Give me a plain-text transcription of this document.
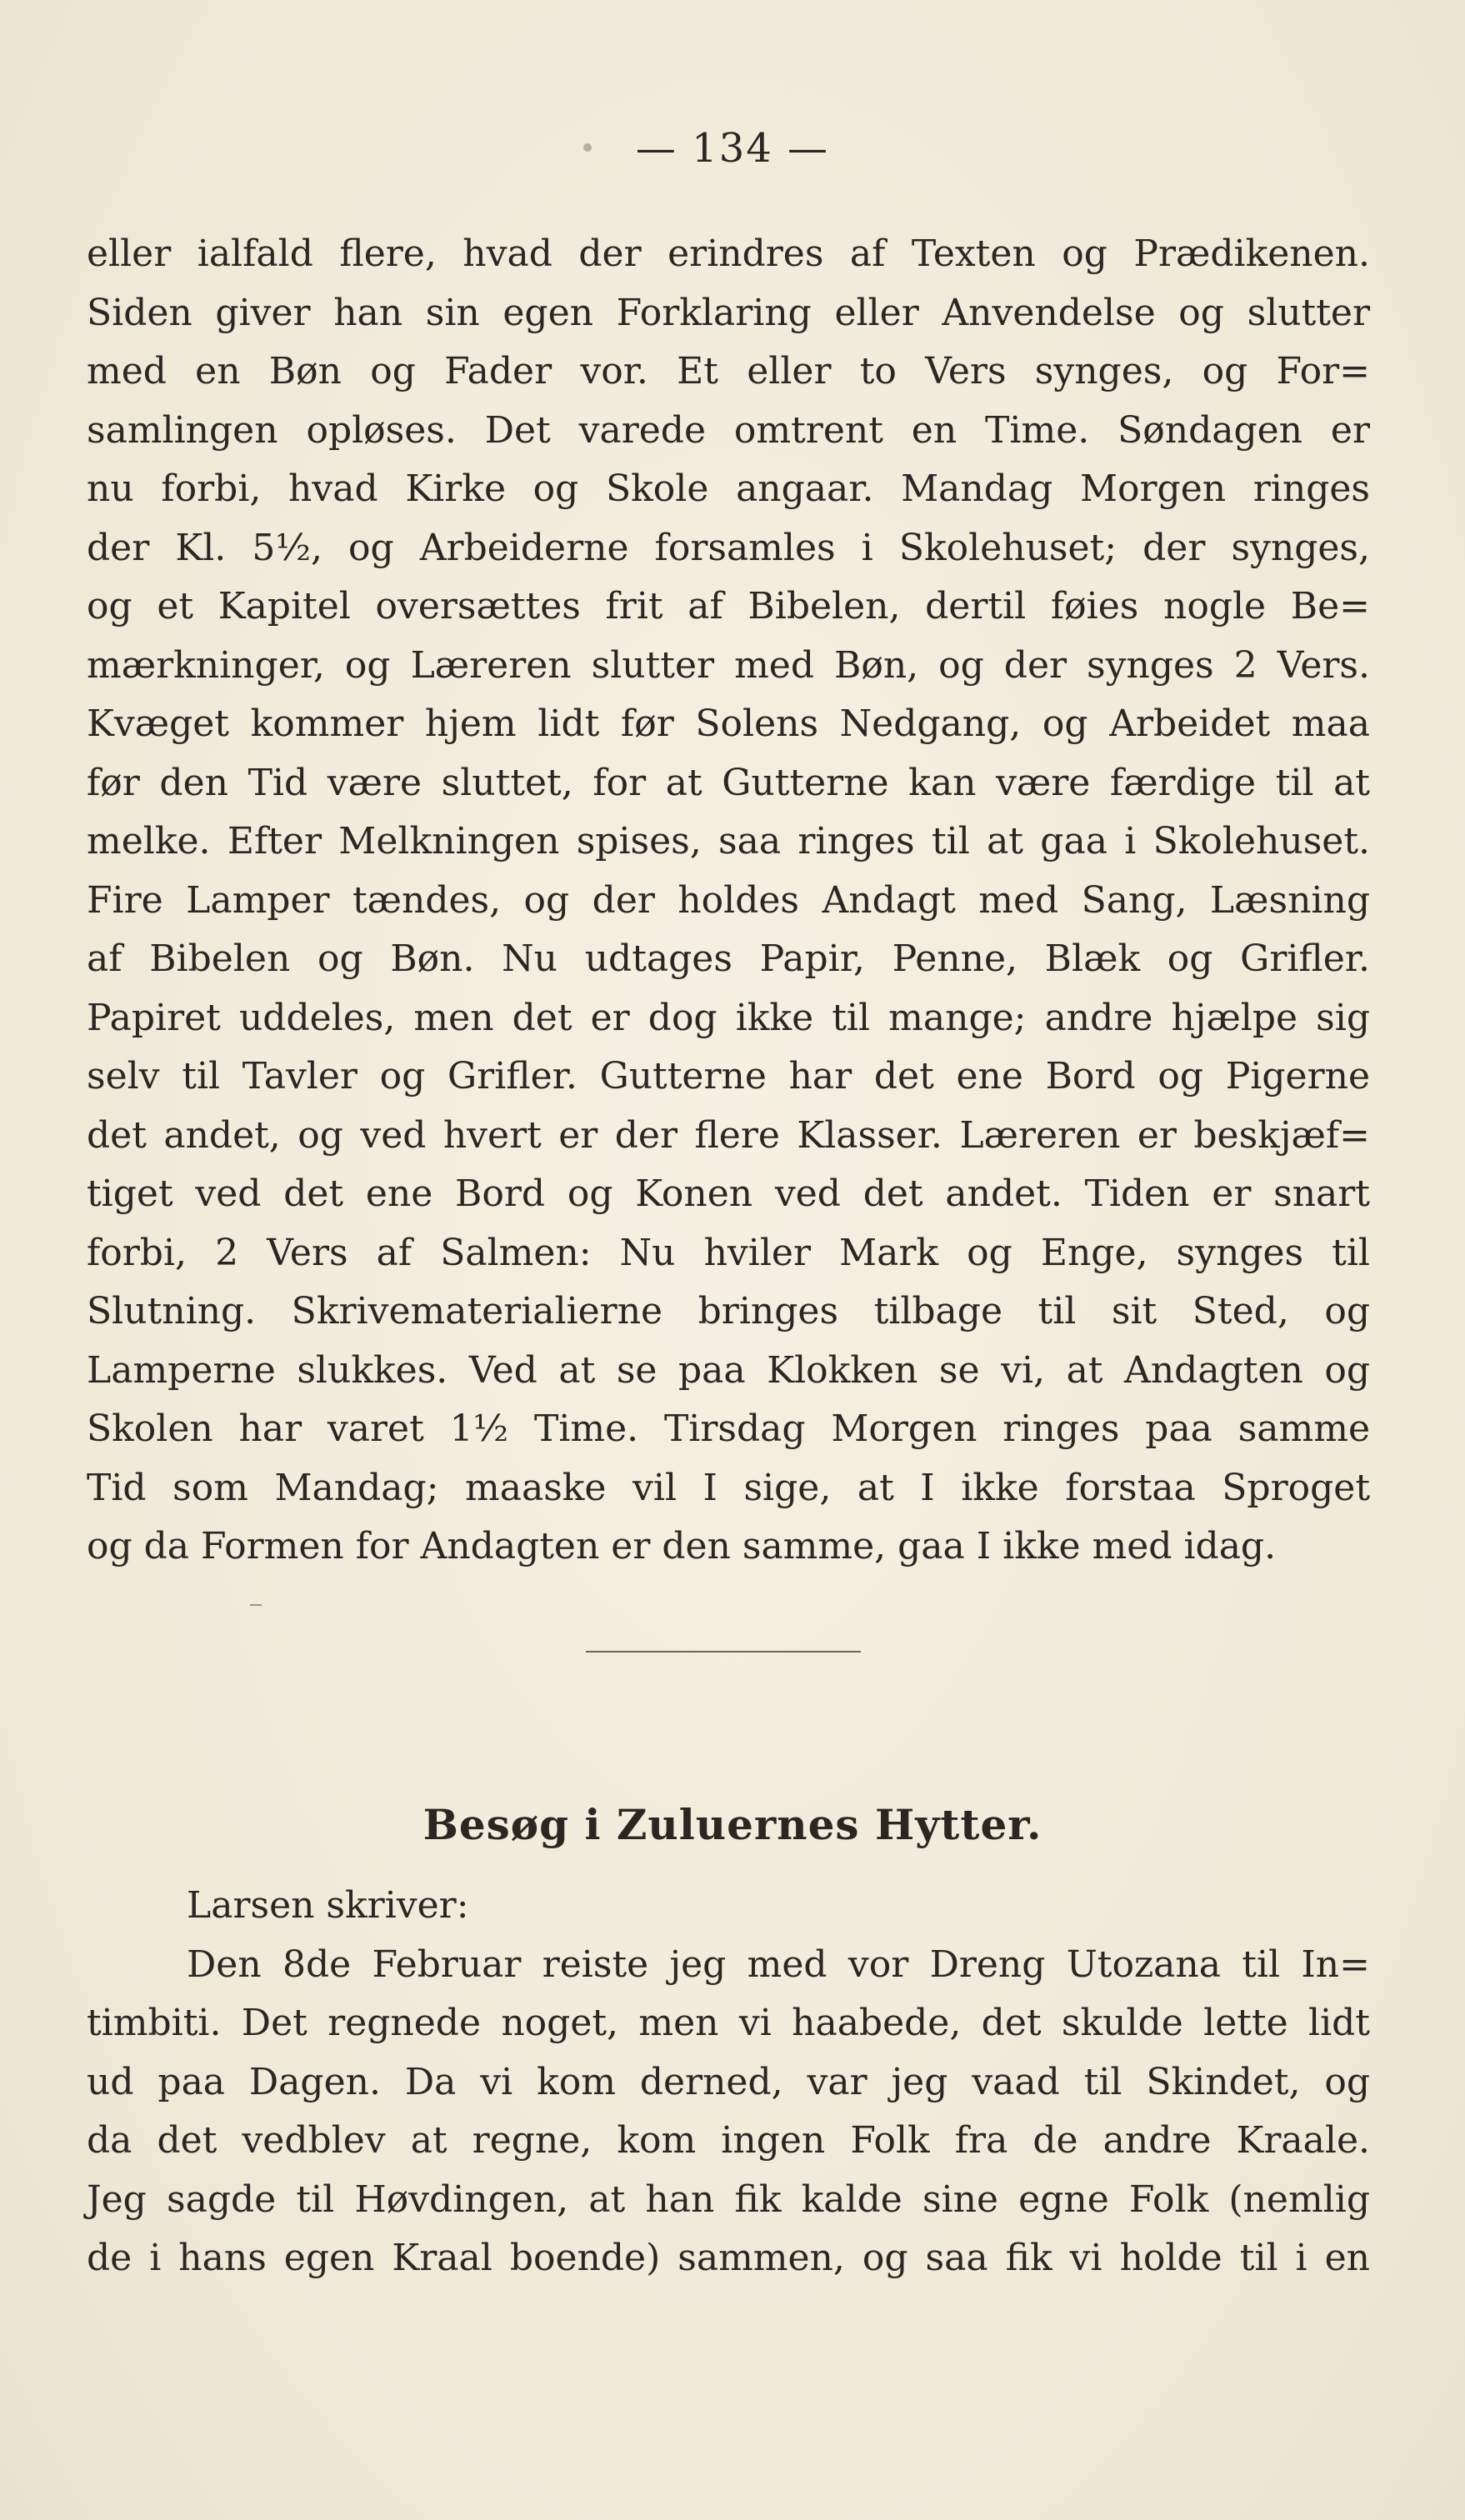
— 134 —
eller ialfald flere, hvad der erindres af Texten og Prædikenen.
Siden giver han sin egen Forklaring eller Anvendelse og slutter
med en Bøn og Fader vor. Et eller to Vers synges, og For=
samlingen opløses. Det varede omtrent en Time. Søndagen er
nu forbi, hvad Kirke og Skole angaar. Mandag Morgen ringes
der Kl. 5½, og Arbeiderne forsamles i Skolehuset; der synges,
og et Kapitel oversættes frit af Bibelen, dertil føies nogle Be=
mærkninger, og Læreren slutter med Bøn, og der synges 2 Vers.
Kvæget kommer hjem lidt før Solens Nedgang, og Arbeidet maa
før den Tid være sluttet, for at Gutterne kan være færdige til at
melke. Efter Melkningen spises, saa ringes til at gaa i Skolehuset.
Fire Lamper tændes, og der holdes Andagt med Sang, Læsning
af Bibelen og Bøn. Nu udtages Papir, Penne, Blæk og Grifler.
Papiret uddeles, men det er dog ikke til mange; andre hjælpe sig
selv til Tavler og Grifler. Gutterne har det ene Bord og Pigerne
det andet, og ved hvert er der flere Klasser. Læreren er beskjæf=
tiget ved det ene Bord og Konen ved det andet. Tiden er snart
forbi, 2 Vers af Salmen: Nu hviler Mark og Enge, synges til
Slutning. Skrivematerialierne bringes tilbage til sit Sted, og
Lamperne slukkes. Ved at se paa Klokken se vi, at Andagten og
Skolen har varet 1½ Time. Tirsdag Morgen ringes paa samme
Tid som Mandag; maaske vil I sige, at I ikke forstaa Sproget
og da Formen for Andagten er den samme, gaa I ikke med idag.
Besøg i Zuluernes Hytter.
Larsen skriver:
Den 8de Februar reiste jeg med vor Dreng Utozana til In=
timbiti. Det regnede noget, men vi haabede, det skulde lette lidt
ud paa Dagen. Da vi kom derned, var jeg vaad til Skindet, og
da det vedblev at regne, kom ingen Folk fra de andre Kraale.
Jeg sagde til Høvdingen, at han fik kalde sine egne Folk (nemlig
de i hans egen Kraal boende) sammen, og saa fik vi holde til i en
